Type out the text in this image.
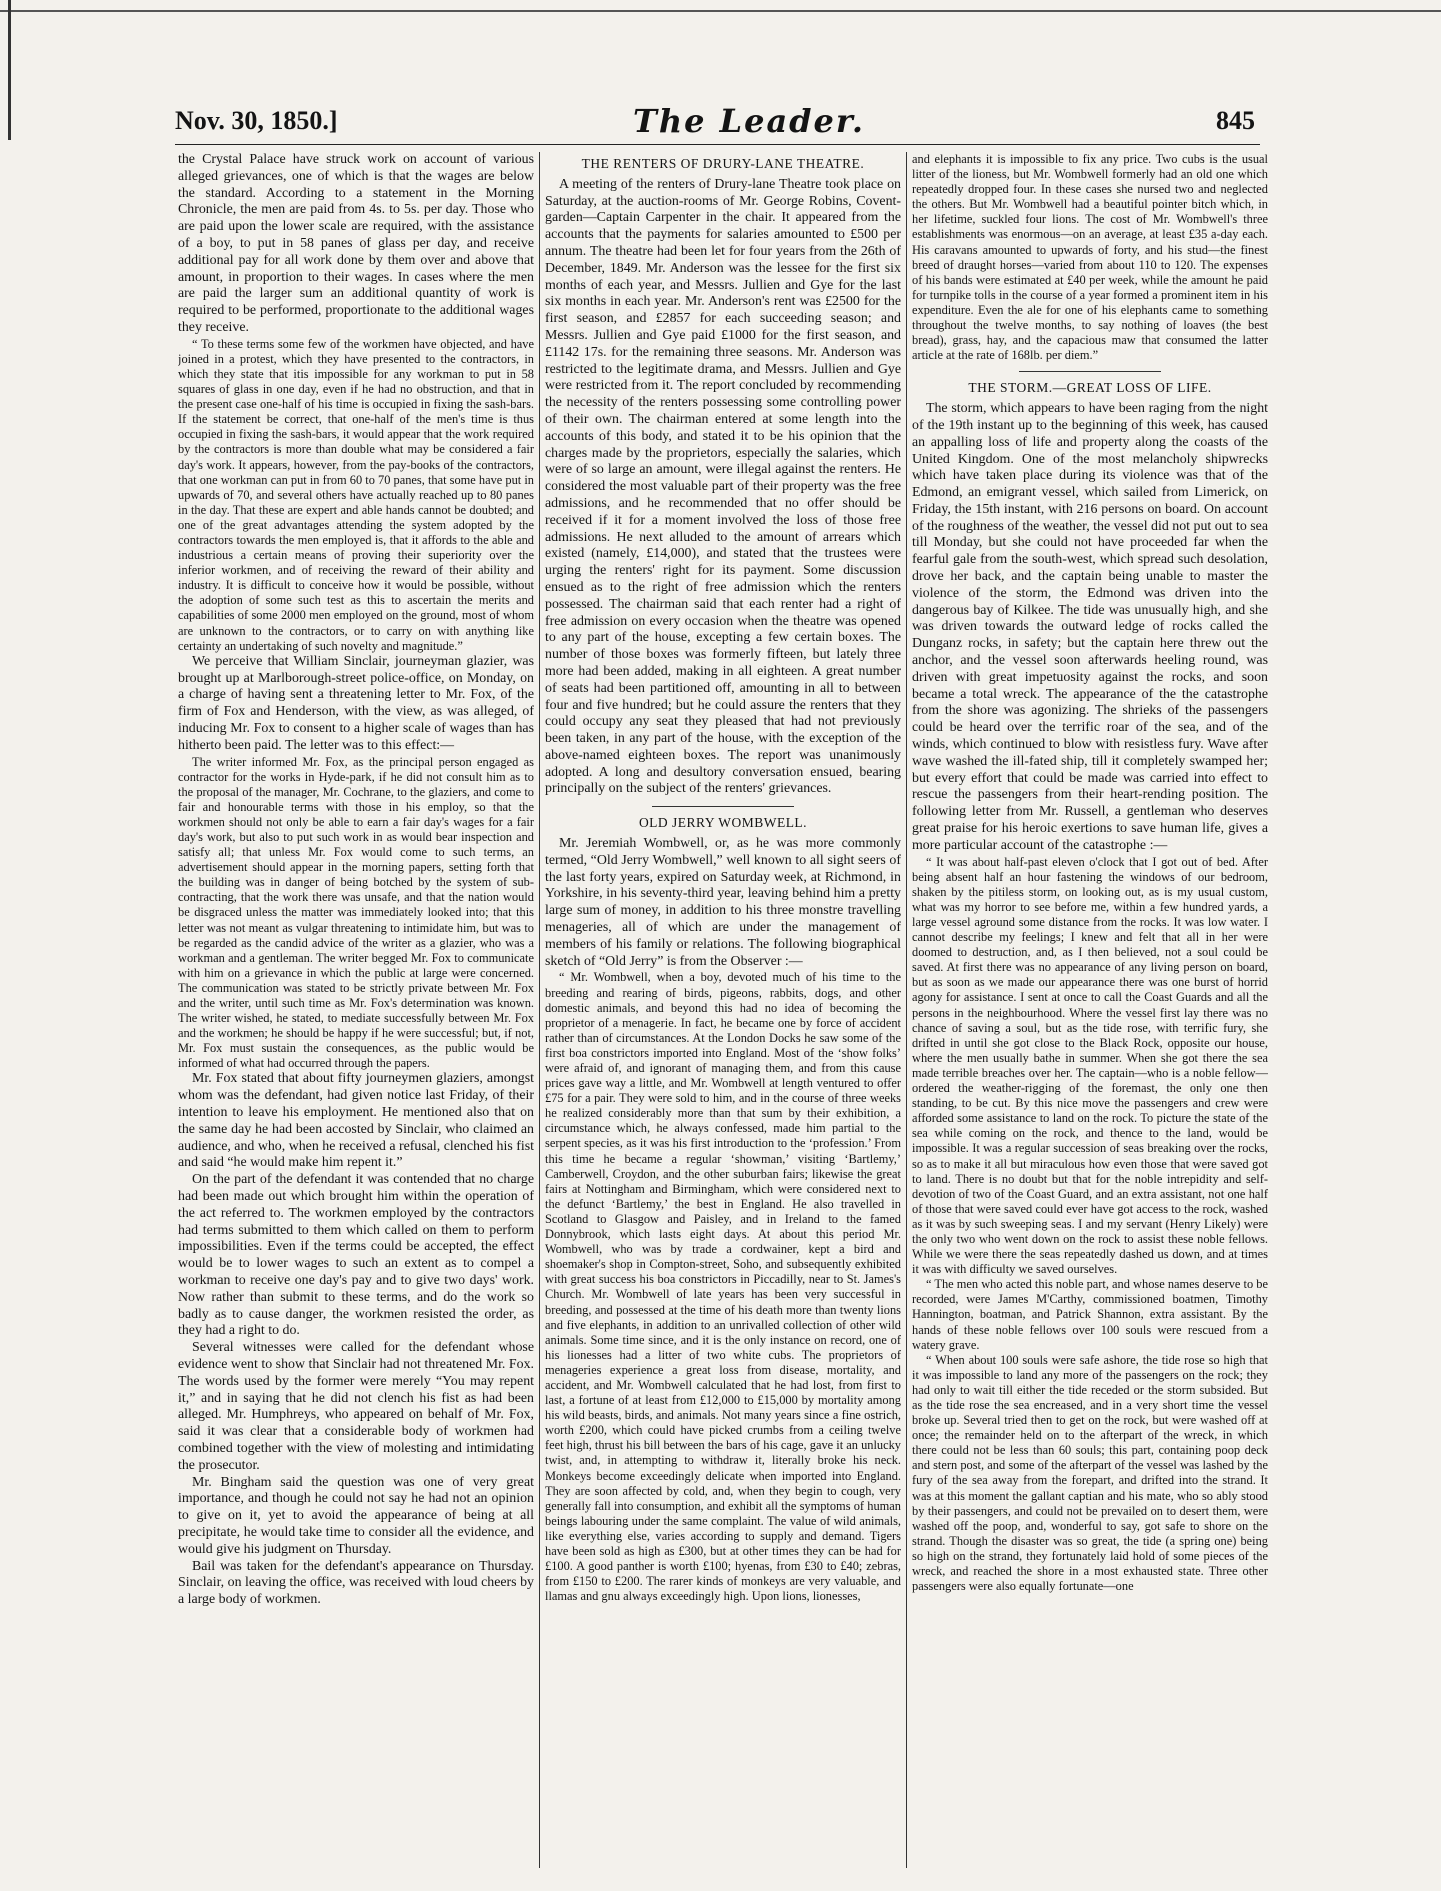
Nov. 30, 1850.]	The Leader.	845

the Crystal Palace have struck work on account of various alleged grievances, one of which is that the wages are below the standard. According to a statement in the Morning Chronicle, the men are paid from 4s. to 5s. per day. Those who are paid upon the lower scale are required, with the assistance of a boy, to put in 58 panes of glass per day, and receive additional pay for all work done by them over and above that amount, in proportion to their wages. In cases where the men are paid the larger sum an additional quantity of work is required to be performed, proportionate to the additional wages they receive.

“ To these terms some few of the workmen have objected, and have joined in a protest, which they have presented to the contractors, in which they state that itis impossible for any workman to put in 58 squares of glass in one day, even if he had no obstruction, and that in the present case one-half of his time is occupied in fixing the sash-bars. If the statement be correct, that one-half of the men's time is thus occupied in fixing the sash-bars, it would appear that the work required by the contractors is more than double what may be considered a fair day's work. It appears, however, from the pay-books of the contractors, that one workman can put in from 60 to 70 panes, that some have put in upwards of 70, and several others have actually reached up to 80 panes in the day. That these are expert and able hands cannot be doubted; and one of the great advantages attending the system adopted by the contractors towards the men employed is, that it affords to the able and industrious a certain means of proving their superiority over the inferior workmen, and of receiving the reward of their ability and industry. It is difficult to conceive how it would be possible, without the adoption of some such test as this to ascertain the merits and capabilities of some 2000 men employed on the ground, most of whom are unknown to the contractors, or to carry on with anything like certainty an undertaking of such novelty and magnitude.”

We perceive that William Sinclair, journeyman glazier, was brought up at Marlborough-street police-office, on Monday, on a charge of having sent a threatening letter to Mr. Fox, of the firm of Fox and Henderson, with the view, as was alleged, of inducing Mr. Fox to consent to a higher scale of wages than has hitherto been paid. The letter was to this effect:—

The writer informed Mr. Fox, as the principal person engaged as contractor for the works in Hyde-park, if he did not consult him as to the proposal of the manager, Mr. Cochrane, to the glaziers, and come to fair and honourable terms with those in his employ, so that the workmen should not only be able to earn a fair day's wages for a fair day's work, but also to put such work in as would bear inspection and satisfy all; that unless Mr. Fox would come to such terms, an advertisement should appear in the morning papers, setting forth that the building was in danger of being botched by the system of sub-contracting, that the work there was unsafe, and that the nation would be disgraced unless the matter was immediately looked into; that this letter was not meant as vulgar threatening to intimidate him, but was to be regarded as the candid advice of the writer as a glazier, who was a workman and a gentleman. The writer begged Mr. Fox to communicate with him on a grievance in which the public at large were concerned. The communication was stated to be strictly private between Mr. Fox and the writer, until such time as Mr. Fox's determination was known. The writer wished, he stated, to mediate successfully between Mr. Fox and the workmen; he should be happy if he were successful; but, if not, Mr. Fox must sustain the consequences, as the public would be informed of what had occurred through the papers.

Mr. Fox stated that about fifty journeymen glaziers, amongst whom was the defendant, had given notice last Friday, of their intention to leave his employment. He mentioned also that on the same day he had been accosted by Sinclair, who claimed an audience, and who, when he received a refusal, clenched his fist and said “he would make him repent it.”

On the part of the defendant it was contended that no charge had been made out which brought him within the operation of the act referred to. The workmen employed by the contractors had terms submitted to them which called on them to perform impossibilities. Even if the terms could be accepted, the effect would be to lower wages to such an extent as to compel a workman to receive one day's pay and to give two days' work. Now rather than submit to these terms, and do the work so badly as to cause danger, the workmen resisted the order, as they had a right to do.

Several witnesses were called for the defendant whose evidence went to show that Sinclair had not threatened Mr. Fox. The words used by the former were merely “You may repent it,” and in saying that he did not clench his fist as had been alleged. Mr. Humphreys, who appeared on behalf of Mr. Fox, said it was clear that a considerable body of workmen had combined together with the view of molesting and intimidating the prosecutor.

Mr. Bingham said the question was one of very great importance, and though he could not say he had not an opinion to give on it, yet to avoid the appearance of being at all precipitate, he would take time to consider all the evidence, and would give his judgment on Thursday.

Bail was taken for the defendant's appearance on Thursday. Sinclair, on leaving the office, was received with loud cheers by a large body of workmen.

THE RENTERS OF DRURY-LANE THEATRE.

A meeting of the renters of Drury-lane Theatre took place on Saturday, at the auction-rooms of Mr. George Robins, Covent-garden—Captain Carpenter in the chair. It appeared from the accounts that the payments for salaries amounted to £500 per annum. The theatre had been let for four years from the 26th of December, 1849. Mr. Anderson was the lessee for the first six months of each year, and Messrs. Jullien and Gye for the last six months in each year. Mr. Anderson's rent was £2500 for the first season, and £2857 for each succeeding season; and Messrs. Jullien and Gye paid £1000 for the first season, and £1142 17s. for the remaining three seasons. Mr. Anderson was restricted to the legitimate drama, and Messrs. Jullien and Gye were restricted from it. The report concluded by recommending the necessity of the renters possessing some controlling power of their own. The chairman entered at some length into the accounts of this body, and stated it to be his opinion that the charges made by the proprietors, especially the salaries, which were of so large an amount, were illegal against the renters. He considered the most valuable part of their property was the free admissions, and he recommended that no offer should be received if it for a moment involved the loss of those free admissions. He next alluded to the amount of arrears which existed (namely, £14,000), and stated that the trustees were urging the renters' right for its payment. Some discussion ensued as to the right of free admission which the renters possessed. The chairman said that each renter had a right of free admission on every occasion when the theatre was opened to any part of the house, excepting a few certain boxes. The number of those boxes was formerly fifteen, but lately three more had been added, making in all eighteen. A great number of seats had been partitioned off, amounting in all to between four and five hundred; but he could assure the renters that they could occupy any seat they pleased that had not previously been taken, in any part of the house, with the exception of the above-named eighteen boxes. The report was unanimously adopted. A long and desultory conversation ensued, bearing principally on the subject of the renters' grievances.

OLD JERRY WOMBWELL.

Mr. Jeremiah Wombwell, or, as he was more commonly termed, “Old Jerry Wombwell,” well known to all sight seers of the last forty years, expired on Saturday week, at Richmond, in Yorkshire, in his seventy-third year, leaving behind him a pretty large sum of money, in addition to his three monstre travelling menageries, all of which are under the management of members of his family or relations. The following biographical sketch of “Old Jerry” is from the Observer :—

“ Mr. Wombwell, when a boy, devoted much of his time to the breeding and rearing of birds, pigeons, rabbits, dogs, and other domestic animals, and beyond this had no idea of becoming the proprietor of a menagerie. In fact, he became one by force of accident rather than of circumstances. At the London Docks he saw some of the first boa constrictors imported into England. Most of the ‘show folks’ were afraid of, and ignorant of managing them, and from this cause prices gave way a little, and Mr. Wombwell at length ventured to offer £75 for a pair. They were sold to him, and in the course of three weeks he realized considerably more than that sum by their exhibition, a circumstance which, he always confessed, made him partial to the serpent species, as it was his first introduction to the ‘profession.’ From this time he became a regular ‘showman,’ visiting ‘Bartlemy,’ Camberwell, Croydon, and the other suburban fairs; likewise the great fairs at Nottingham and Birmingham, which were considered next to the defunct ‘Bartlemy,’ the best in England. He also travelled in Scotland to Glasgow and Paisley, and in Ireland to the famed Donnybrook, which lasts eight days. At about this period Mr. Wombwell, who was by trade a cordwainer, kept a bird and shoemaker's shop in Compton-street, Soho, and subsequently exhibited with great success his boa constrictors in Piccadilly, near to St. James's Church. Mr. Wombwell of late years has been very successful in breeding, and possessed at the time of his death more than twenty lions and five elephants, in addition to an unrivalled collection of other wild animals. Some time since, and it is the only instance on record, one of his lionesses had a litter of two white cubs. The proprietors of menageries experience a great loss from disease, mortality, and accident, and Mr. Wombwell calculated that he had lost, from first to last, a fortune of at least from £12,000 to £15,000 by mortality among his wild beasts, birds, and animals. Not many years since a fine ostrich, worth £200, which could have picked crumbs from a ceiling twelve feet high, thrust his bill between the bars of his cage, gave it an unlucky twist, and, in attempting to withdraw it, literally broke his neck. Monkeys become exceedingly delicate when imported into England. They are soon affected by cold, and, when they begin to cough, very generally fall into consumption, and exhibit all the symptoms of human beings labouring under the same complaint. The value of wild animals, like everything else, varies according to supply and demand. Tigers have been sold as high as £300, but at other times they can be had for £100. A good panther is worth £100; hyenas, from £30 to £40; zebras, from £150 to £200. The rarer kinds of monkeys are very valuable, and llamas and gnu always exceedingly high. Upon lions, lionesses,

and elephants it is impossible to fix any price. Two cubs is the usual litter of the lioness, but Mr. Wombwell formerly had an old one which repeatedly dropped four. In these cases she nursed two and neglected the others. But Mr. Wombwell had a beautiful pointer bitch which, in her lifetime, suckled four lions. The cost of Mr. Wombwell's three establishments was enormous—on an average, at least £35 a-day each. His caravans amounted to upwards of forty, and his stud—the finest breed of draught horses—varied from about 110 to 120. The expenses of his bands were estimated at £40 per week, while the amount he paid for turnpike tolls in the course of a year formed a prominent item in his expenditure. Even the ale for one of his elephants came to something throughout the twelve months, to say nothing of loaves (the best bread), grass, hay, and the capacious maw that consumed the latter article at the rate of 168lb. per diem.”

THE STORM.—GREAT LOSS OF LIFE.

The storm, which appears to have been raging from the night of the 19th instant up to the beginning of this week, has caused an appalling loss of life and property along the coasts of the United Kingdom. One of the most melancholy shipwrecks which have taken place during its violence was that of the Edmond, an emigrant vessel, which sailed from Limerick, on Friday, the 15th instant, with 216 persons on board. On account of the roughness of the weather, the vessel did not put out to sea till Monday, but she could not have proceeded far when the fearful gale from the south-west, which spread such desolation, drove her back, and the captain being unable to master the violence of the storm, the Edmond was driven into the dangerous bay of Kilkee. The tide was unusually high, and she was driven towards the outward ledge of rocks called the Dunganz rocks, in safety; but the captain here threw out the anchor, and the vessel soon afterwards heeling round, was driven with great impetuosity against the rocks, and soon became a total wreck. The appearance of the the catastrophe from the shore was agonizing. The shrieks of the passengers could be heard over the terrific roar of the sea, and of the winds, which continued to blow with resistless fury. Wave after wave washed the ill-fated ship, till it completely swamped her; but every effort that could be made was carried into effect to rescue the passengers from their heart-rending position. The following letter from Mr. Russell, a gentleman who deserves great praise for his heroic exertions to save human life, gives a more particular account of the catastrophe :—

“ It was about half-past eleven o'clock that I got out of bed. After being absent half an hour fastening the windows of our bedroom, shaken by the pitiless storm, on looking out, as is my usual custom, what was my horror to see before me, within a few hundred yards, a large vessel aground some distance from the rocks. It was low water. I cannot describe my feelings; I knew and felt that all in her were doomed to destruction, and, as I then believed, not a soul could be saved. At first there was no appearance of any living person on board, but as soon as we made our appearance there was one burst of horrid agony for assistance. I sent at once to call the Coast Guards and all the persons in the neighbourhood. Where the vessel first lay there was no chance of saving a soul, but as the tide rose, with terrific fury, she drifted in until she got close to the Black Rock, opposite our house, where the men usually bathe in summer. When she got there the sea made terrible breaches over her. The captain—who is a noble fellow—ordered the weather-rigging of the foremast, the only one then standing, to be cut. By this nice move the passengers and crew were afforded some assistance to land on the rock. To picture the state of the sea while coming on the rock, and thence to the land, would be impossible. It was a regular succession of seas breaking over the rocks, so as to make it all but miraculous how even those that were saved got to land. There is no doubt but that for the noble intrepidity and self-devotion of two of the Coast Guard, and an extra assistant, not one half of those that were saved could ever have got access to the rock, washed as it was by such sweeping seas. I and my servant (Henry Likely) were the only two who went down on the rock to assist these noble fellows. While we were there the seas repeatedly dashed us down, and at times it was with difficulty we saved ourselves.

“ The men who acted this noble part, and whose names deserve to be recorded, were James M'Carthy, commissioned boatmen, Timothy Hannington, boatman, and Patrick Shannon, extra assistant. By the hands of these noble fellows over 100 souls were rescued from a watery grave.

“ When about 100 souls were safe ashore, the tide rose so high that it was impossible to land any more of the passengers on the rock; they had only to wait till either the tide receded or the storm subsided. But as the tide rose the sea encreased, and in a very short time the vessel broke up. Several tried then to get on the rock, but were washed off at once; the remainder held on to the afterpart of the wreck, in which there could not be less than 60 souls; this part, containing poop deck and stern post, and some of the afterpart of the vessel was lashed by the fury of the sea away from the forepart, and drifted into the strand. It was at this moment the gallant captian and his mate, who so ably stood by their passengers, and could not be prevailed on to desert them, were washed off the poop, and, wonderful to say, got safe to shore on the strand. Though the disaster was so great, the tide (a spring one) being so high on the strand, they fortunately laid hold of some pieces of the wreck, and reached the shore in a most exhausted state. Three other passengers were also equally fortunate—one
